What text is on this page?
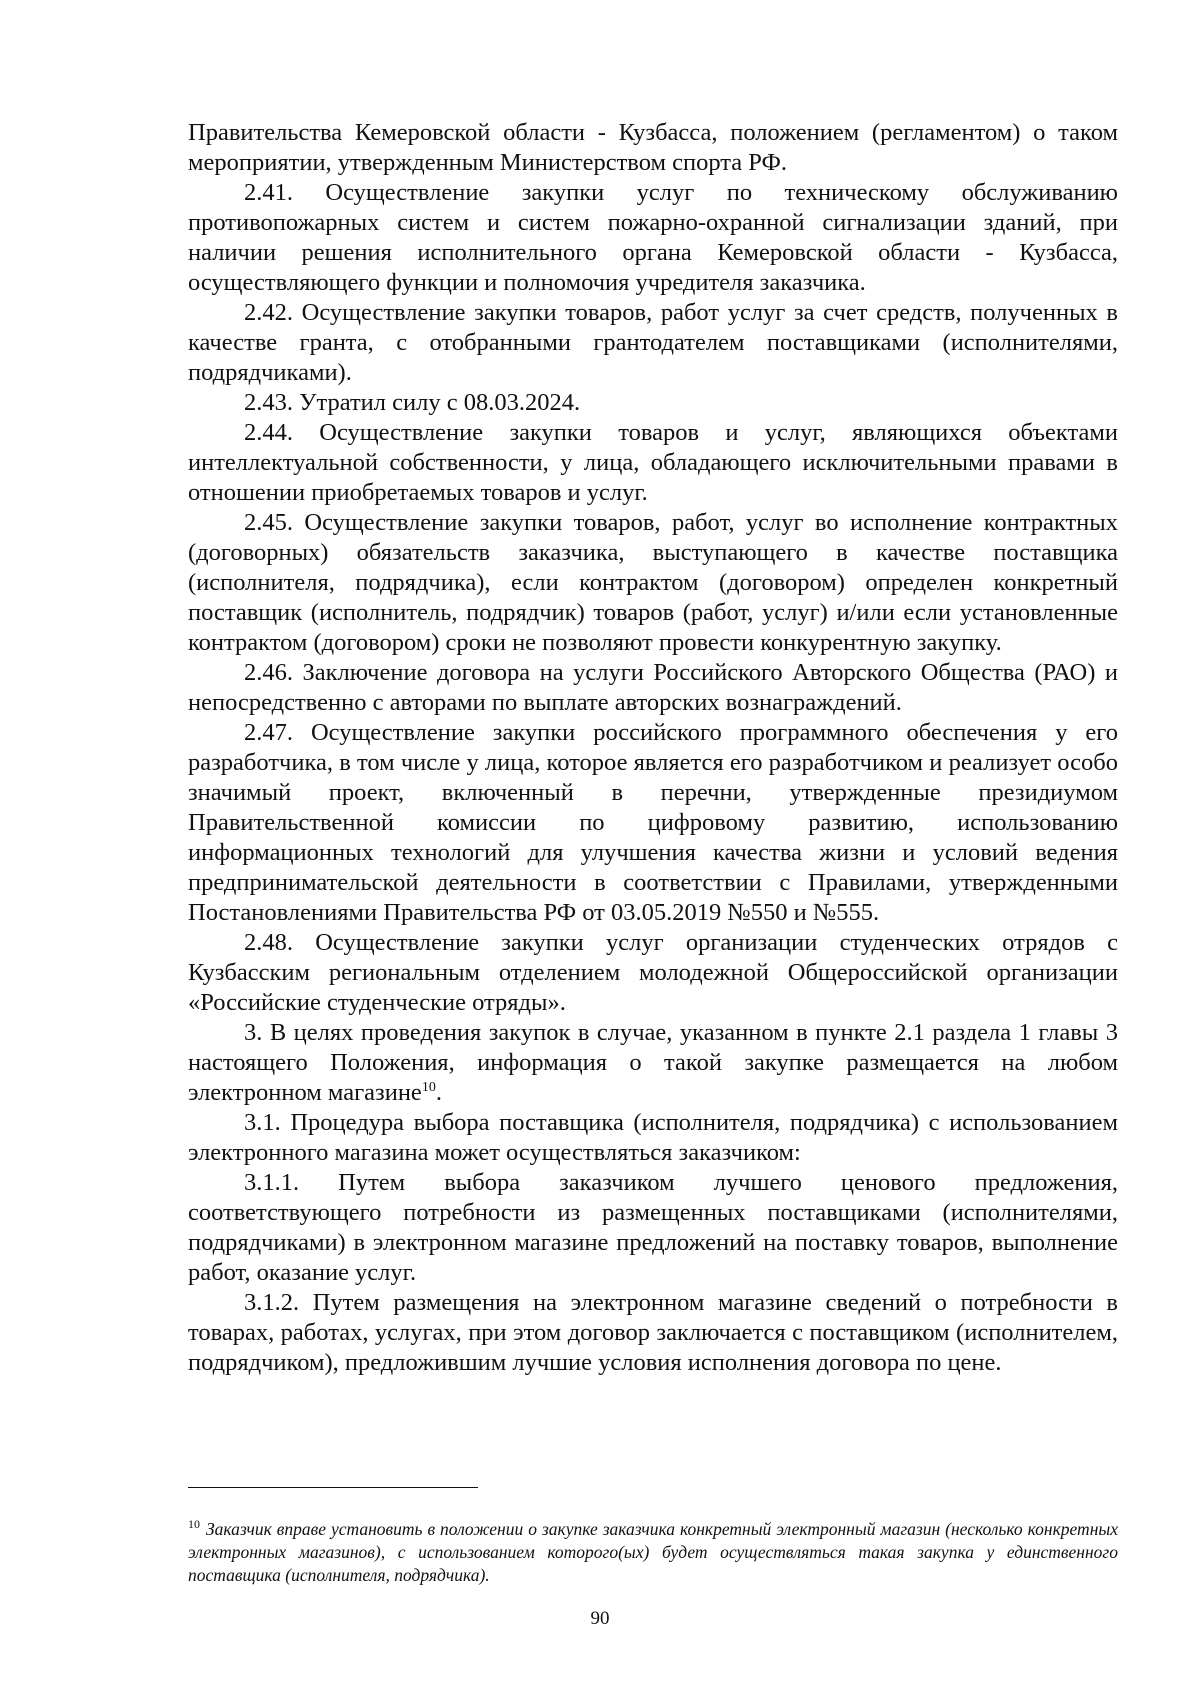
Правительства Кемеровской области - Кузбасса, положением (регламентом) о таком мероприятии, утвержденным Министерством спорта РФ.

2.41. Осуществление закупки услуг по техническому обслуживанию противопожарных систем и систем пожарно-охранной сигнализации зданий, при наличии решения исполнительного органа Кемеровской области - Кузбасса, осуществляющего функции и полномочия учредителя заказчика.

2.42. Осуществление закупки товаров, работ услуг за счет средств, полученных в качестве гранта, с отобранными грантодателем поставщиками (исполнителями, подрядчиками).

2.43. Утратил силу с 08.03.2024.

2.44. Осуществление закупки товаров и услуг, являющихся объектами интеллектуальной собственности, у лица, обладающего исключительными правами в отношении приобретаемых товаров и услуг.

2.45. Осуществление закупки товаров, работ, услуг во исполнение контрактных (договорных) обязательств заказчика, выступающего в качестве поставщика (исполнителя, подрядчика), если контрактом (договором) определен конкретный поставщик (исполнитель, подрядчик) товаров (работ, услуг) и/или если установленные контрактом (договором) сроки не позволяют провести конкурентную закупку.

2.46. Заключение договора на услуги Российского Авторского Общества (РАО) и непосредственно с авторами по выплате авторских вознаграждений.

2.47. Осуществление закупки российского программного обеспечения у его разработчика, в том числе у лица, которое является его разработчиком и реализует особо значимый проект, включенный в перечни, утвержденные президиумом Правительственной комиссии по цифровому развитию, использованию информационных технологий для улучшения качества жизни и условий ведения предпринимательской деятельности в соответствии с Правилами, утвержденными Постановлениями Правительства РФ от 03.05.2019 №550 и №555.

2.48. Осуществление закупки услуг организации студенческих отрядов с Кузбасским региональным отделением молодежной Общероссийской организации «Российские студенческие отряды».

3. В целях проведения закупок в случае, указанном в пункте 2.1 раздела 1 главы 3 настоящего Положения, информация о такой закупке размещается на любом электронном магазине$^{10}$.

3.1. Процедура выбора поставщика (исполнителя, подрядчика) с использованием электронного магазина может осуществляться заказчиком:

3.1.1. Путем выбора заказчиком лучшего ценового предложения, соответствующего потребности из размещенных поставщиками (исполнителями, подрядчиками) в электронном магазине предложений на поставку товаров, выполнение работ, оказание услуг.

3.1.2. Путем размещения на электронном магазине сведений о потребности в товарах, работах, услугах, при этом договор заключается с поставщиком (исполнителем, подрядчиком), предложившим лучшие условия исполнения договора по цене.

$^{10}$ Заказчик вправе установить в положении о закупке заказчика конкретный электронный магазин (несколько конкретных электронных магазинов), с использованием которого(ых) будет осуществляться такая закупка у единственного поставщика (исполнителя, подрядчика).
90
